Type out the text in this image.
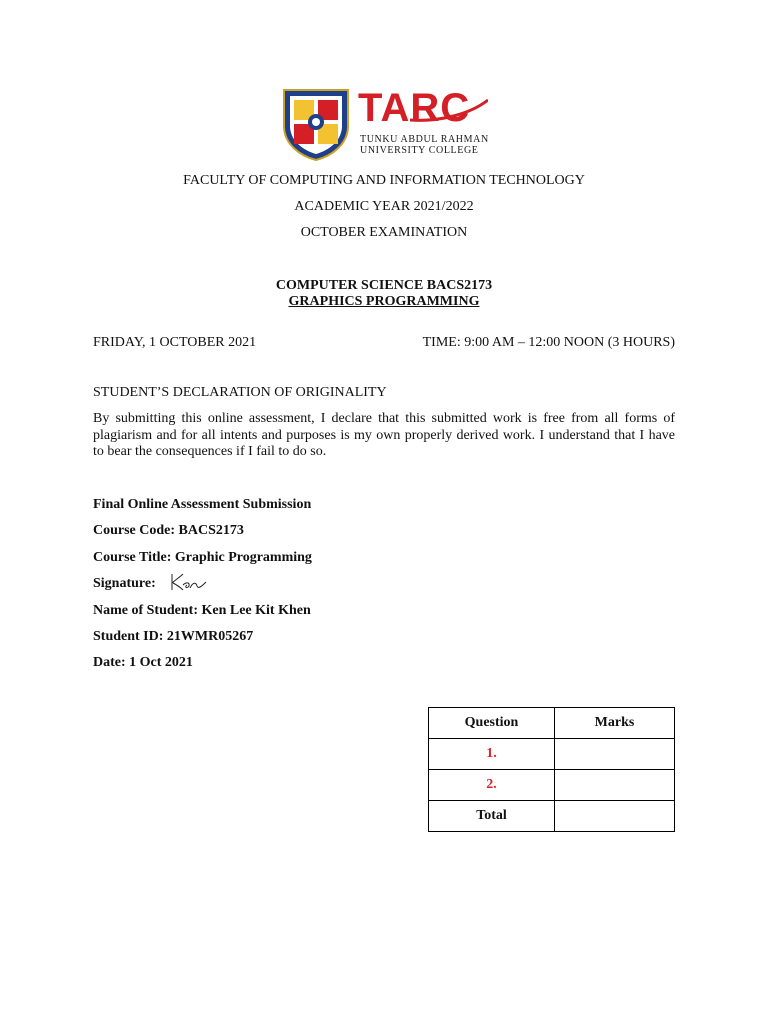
TARC
TUNKU ABDUL RAHMAN
UNIVERSITY COLLEGE
FACULTY OF COMPUTING AND INFORMATION TECHNOLOGY
ACADEMIC YEAR 2021/2022
OCTOBER EXAMINATION
COMPUTER SCIENCE BACS2173
GRAPHICS PROGRAMMING
FRIDAY, 1 OCTOBER 2021	TIME: 9:00 AM – 12:00 NOON (3 HOURS)
STUDENT’S DECLARATION OF ORIGINALITY
By submitting this online assessment, I declare that this submitted work is free from all forms of plagiarism and for all intents and purposes is my own properly derived work. I understand that I have to bear the consequences if I fail to do so.
Final Online Assessment Submission
Course Code: BACS2173
Course Title: Graphic Programming
Signature:
Name of Student: Ken Lee Kit Khen
Student ID: 21WMR05267
Date: 1 Oct 2021
Question	Marks
1.	
2.	
Total	
